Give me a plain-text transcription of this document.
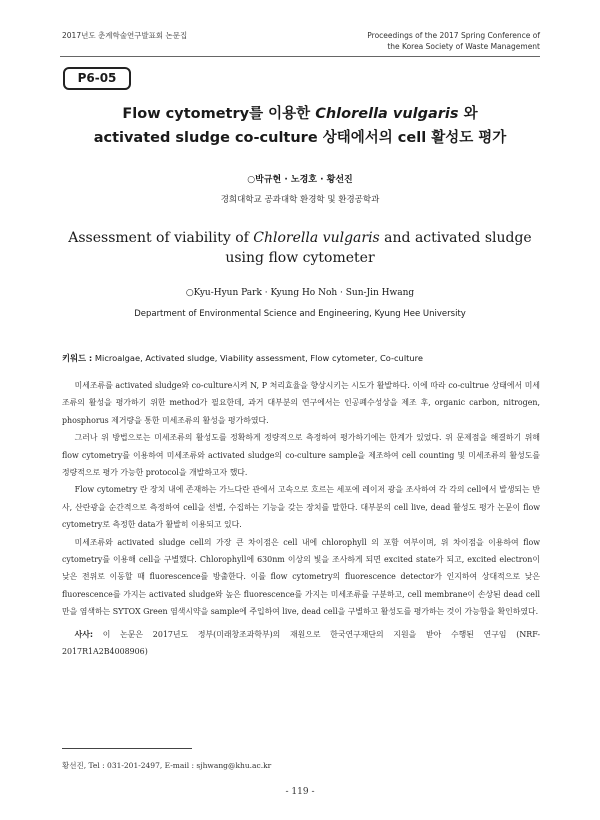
2017년도 춘계학술연구발표회 논문집	Proceedings of the 2017 Spring Conference of
the Korea Society of Waste Management
P6-05
Flow cytometry를 이용한 Chlorella vulgaris 와
activated sludge co-culture 상태에서의 cell 활성도 평가
○박규현 · 노경호 · 황선진
경희대학교 공과대학 환경학 및 환경공학과
Assessment of viability of Chlorella vulgaris and activated sludge
using flow cytometer
○Kyu-Hyun Park · Kyung Ho Noh · Sun-Jin Hwang
Department of Environmental Science and Engineering, Kyung Hee University
키워드 : Microalgae, Activated sludge, Viability assessment, Flow cytometer, Co-culture

미세조류를 activated sludge와 co-culture시켜 N, P 처리효율을 향상시키는 시도가 활발하다. 이에 따라 co-cultrue 상태에서 미세조류의 활성을 평가하기 위한 method가 필요한데, 과거 대부분의 연구에서는 인공폐수성상을 제조 후, organic carbon, nitrogen, phosphorus 제거량을 통한 미세조류의 활성을 평가하였다.

그러나 위 방법으로는 미세조류의 활성도를 정확하게 정량적으로 측정하여 평가하기에는 한계가 있었다. 위 문제점을 해결하기 위해 flow cytometry를 이용하여 미세조류와 activated sludge의 co-culture sample을 제조하여 cell counting 및 미세조류의 활성도를 정량적으로 평가 가능한 protocol을 개발하고자 했다.

Flow cytometry 란 장치 내에 존재하는 가느다란 관에서 고속으로 흐르는 세포에 레이저 광을 조사하여 각 각의 cell에서 발생되는 반사, 산란광을 순간적으로 측정하여 cell을 선별, 수집하는 기능을 갖는 장치를 말한다. 대부분의 cell live, dead 활성도 평가 논문이 flow cytometry로 측정한 data가 활발히 이용되고 있다.

미세조류와 activated sludge cell의 가장 큰 차이점은 cell 내에 chlorophyll 의 포함 여부이며, 위 차이점을 이용하여 flow cytometry를 이용해 cell을 구별했다. Chlorophyll에 630nm 이상의 빛을 조사하게 되면 excited state가 되고, excited electron이 낮은 전위로 이동할 때 fluorescence를 방출한다. 이를 flow cytometry의 fluorescence detector가 인지하여 상대적으로 낮은 fluorescence를 가지는 activated sludge와 높은 fluorescence를 가지는 미세조류를 구분하고, cell membrane이 손상된 dead cell 만을 염색하는 SYTOX Green 염색시약을 sample에 주입하여 live, dead cell을 구별하고 활성도를 평가하는 것이 가능함을 확인하였다.

사사: 이 논문은 2017년도 정부(미래창조과학부)의 재원으로 한국연구재단의 지원을 받아 수행된 연구임 (NRF-2017R1A2B4008906)
황선진, Tel : 031-201-2497, E-mail : sjhwang@khu.ac.kr
- 119 -
